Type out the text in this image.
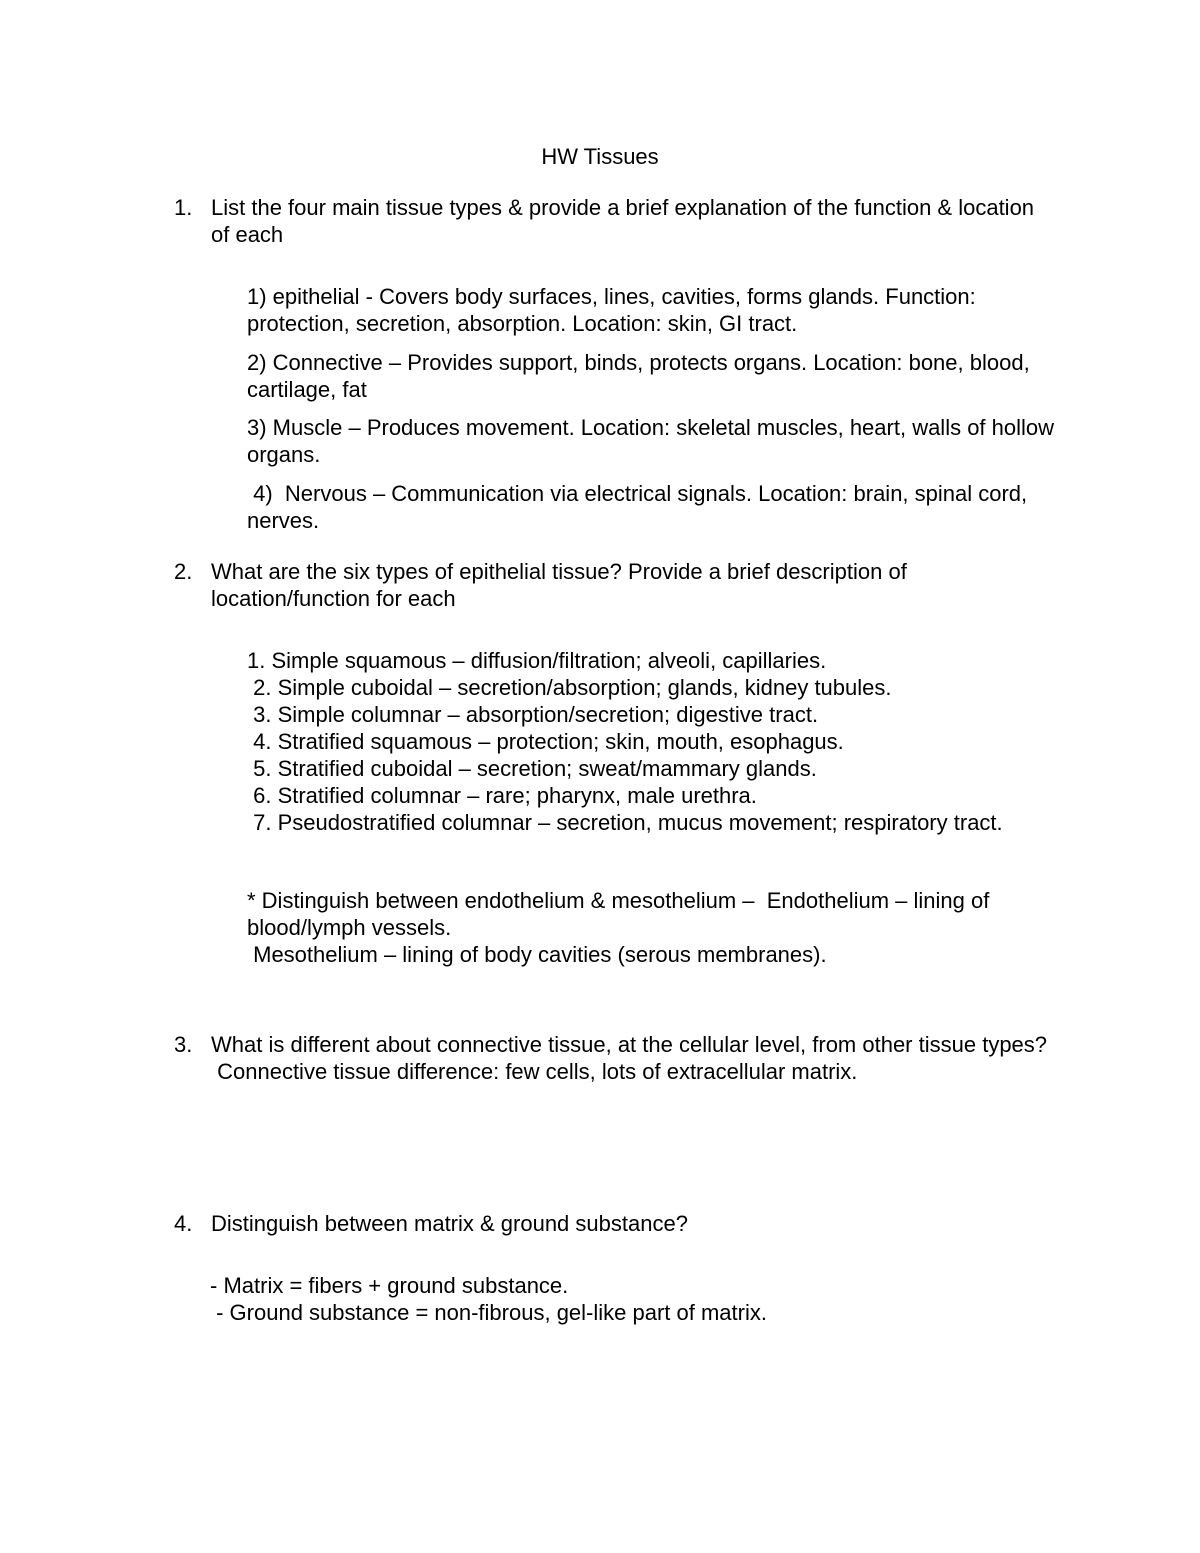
HW Tissues
1. List the four main tissue types & provide a brief explanation of the function & location of each
1) epithelial - Covers body surfaces, lines, cavities, forms glands. Function: protection, secretion, absorption. Location: skin, GI tract.
2) Connective – Provides support, binds, protects organs. Location: bone, blood, cartilage, fat
3) Muscle – Produces movement. Location: skeletal muscles, heart, walls of hollow organs.
4)  Nervous – Communication via electrical signals. Location: brain, spinal cord, nerves.
2. What are the six types of epithelial tissue? Provide a brief description of location/function for each
1. Simple squamous – diffusion/filtration; alveoli, capillaries.
2. Simple cuboidal – secretion/absorption; glands, kidney tubules.
3. Simple columnar – absorption/secretion; digestive tract.
4. Stratified squamous – protection; skin, mouth, esophagus.
5. Stratified cuboidal – secretion; sweat/mammary glands.
6. Stratified columnar – rare; pharynx, male urethra.
7. Pseudostratified columnar – secretion, mucus movement; respiratory tract.
* Distinguish between endothelium & mesothelium –  Endothelium – lining of blood/lymph vessels.
Mesothelium – lining of body cavities (serous membranes).
3. What is different about connective tissue, at the cellular level, from other tissue types?
Connective tissue difference: few cells, lots of extracellular matrix.
4. Distinguish between matrix & ground substance?
- Matrix = fibers + ground substance.
- Ground substance = non-fibrous, gel-like part of matrix.
